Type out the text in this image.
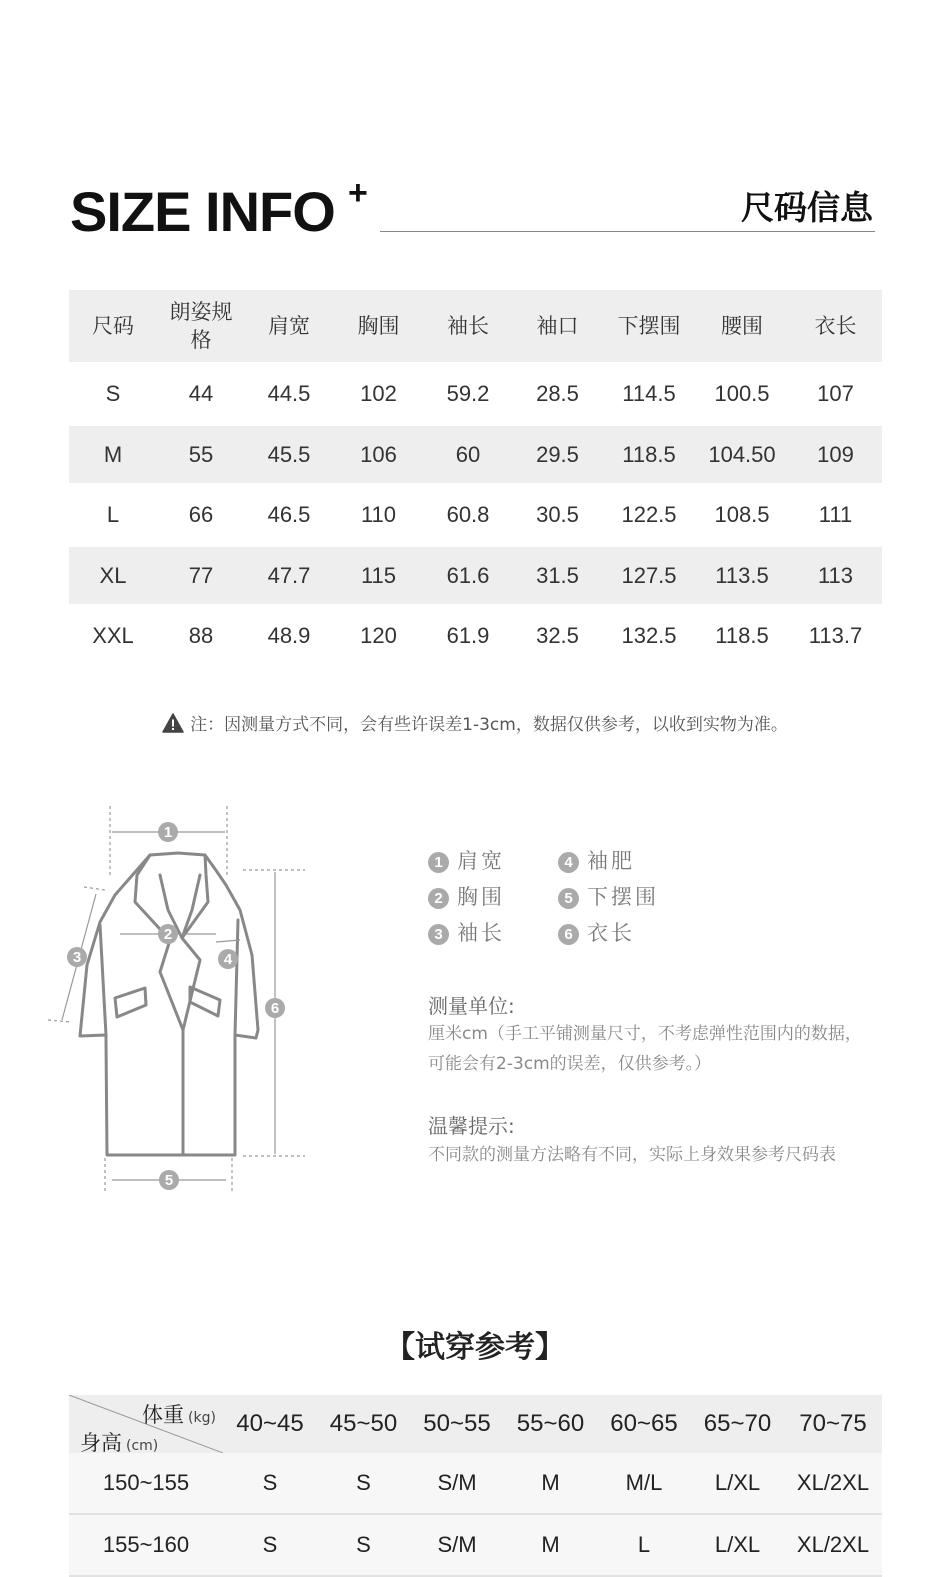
SIZE INFO +	尺码信息
尺码	朗姿规格	肩宽	胸围	袖长	袖口	下摆围	腰围	衣长
S	44	44.5	102	59.2	28.5	114.5	100.5	107
M	55	45.5	106	60	29.5	118.5	104.50	109
L	66	46.5	110	60.8	30.5	122.5	108.5	111
XL	77	47.7	115	61.6	31.5	127.5	113.5	113
XXL	88	48.9	120	61.9	32.5	132.5	118.5	113.7
注：因测量方式不同，会有些许误差1-3cm，数据仅供参考，以收到实物为准。
1
2
3	4
5
6
1 肩宽
2 胸围
3 袖长
4 袖肥
5 下摆围
6 衣长
测量单位:
厘米cm（手工平铺测量尺寸，不考虑弹性范围内的数据，
可能会有2-3cm的误差，仅供参考。）
温馨提示:
不同款的测量方法略有不同，实际上身效果参考尺码表
【试穿参考】
体重 (kg)
身高 (cm)	40~45	45~50	50~55	55~60	60~65	65~70	70~75
150~155	S	S	S/M	M	M/L	L/XL	XL/2XL
155~160	S	S	S/M	M	L	L/XL	XL/2XL
